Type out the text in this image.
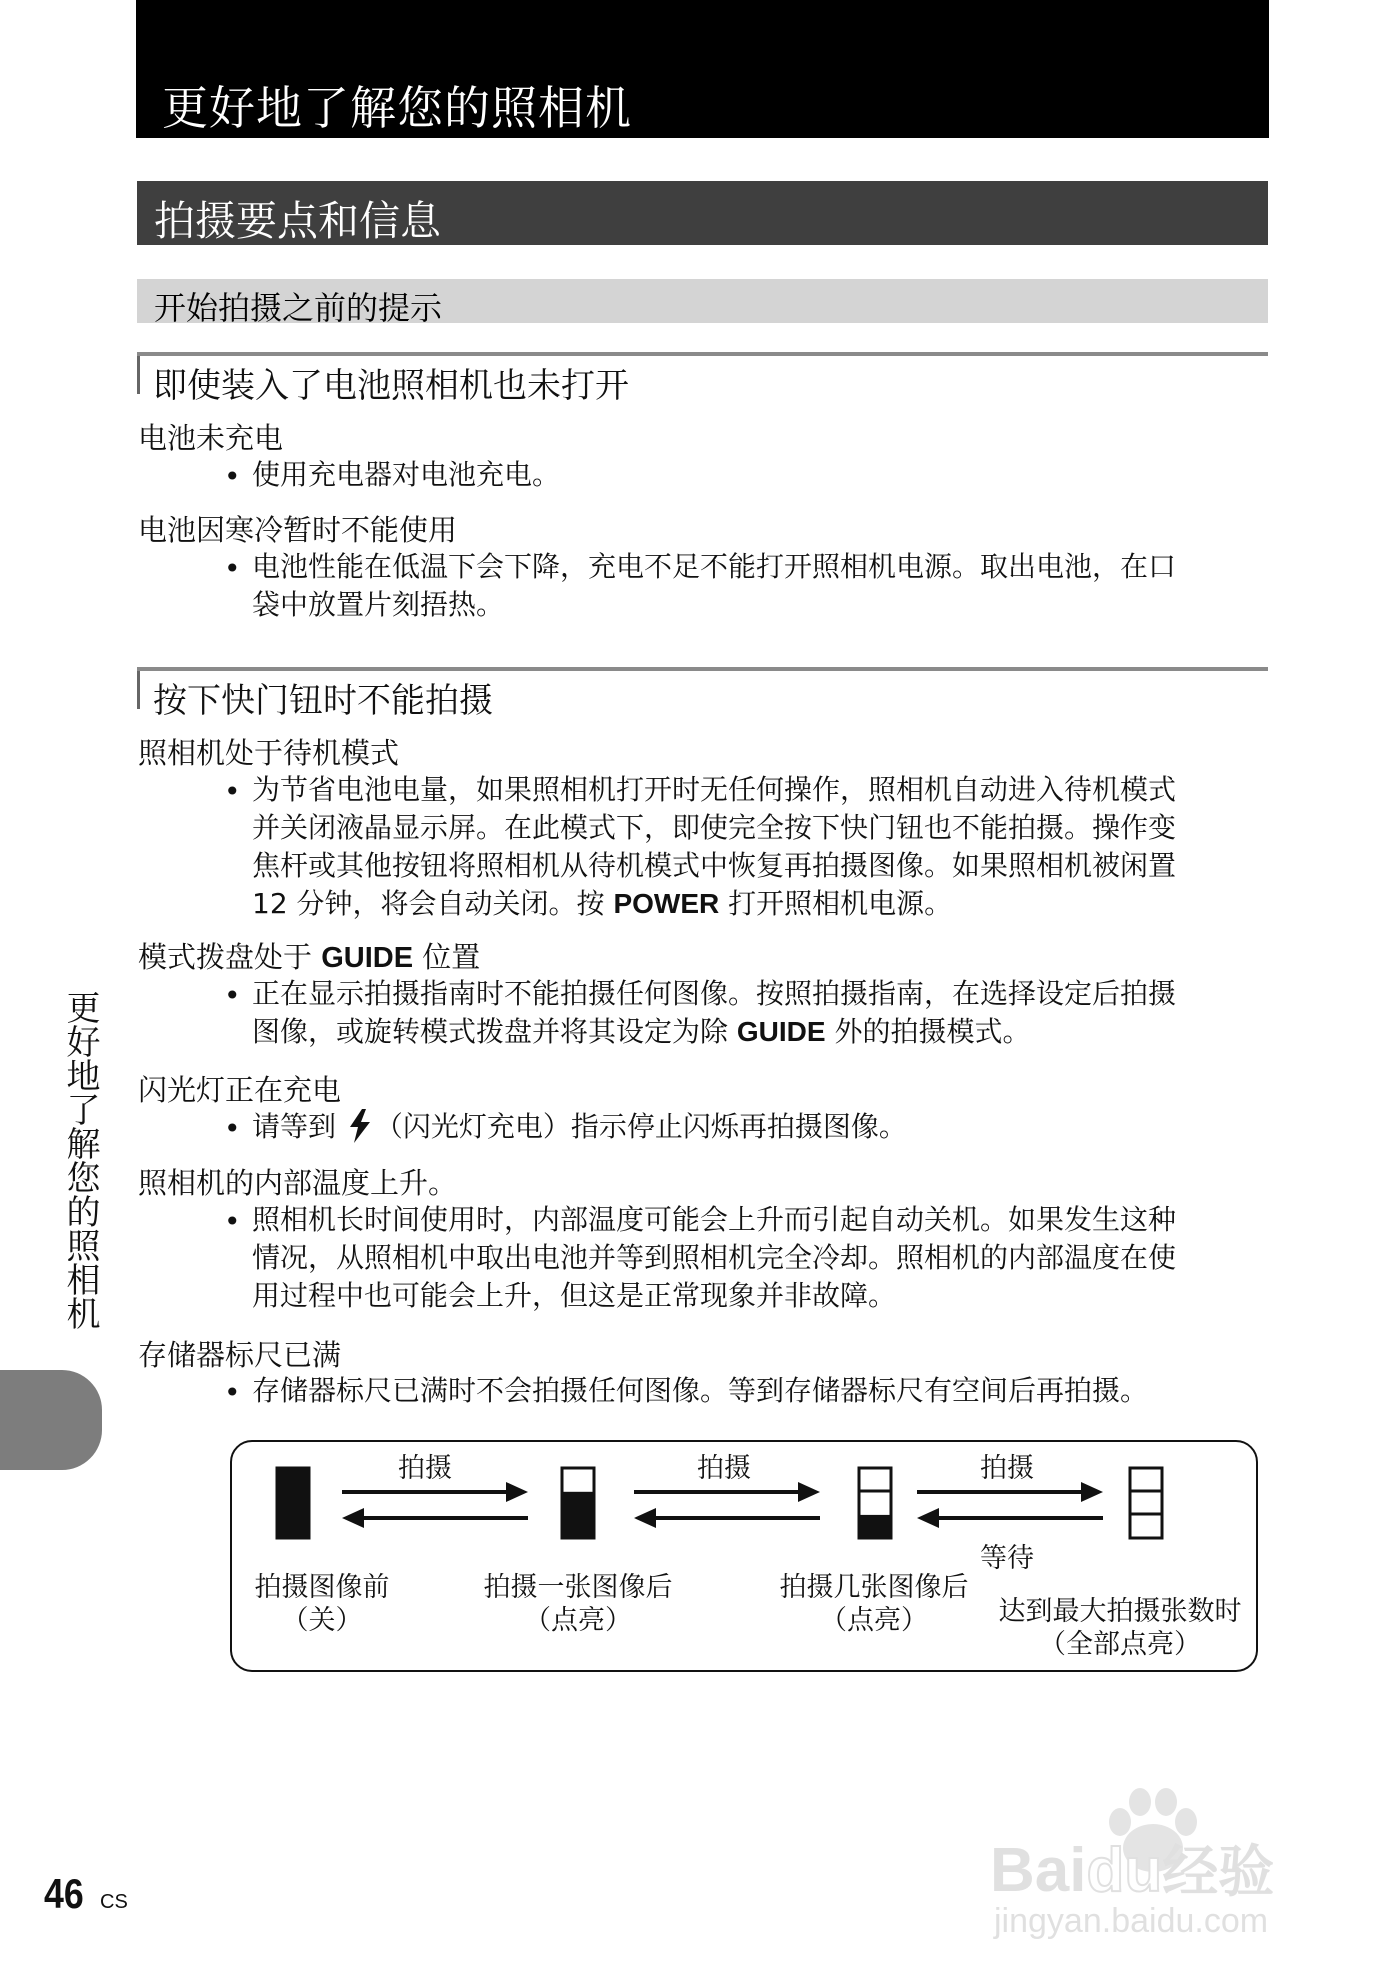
更好地了解您的照相机
拍摄要点和信息
开始拍摄之前的提示
即使装入了电池照相机也未打开
电池未充电
• 使用充电器对电池充电。
电池因寒冷暂时不能使用
• 电池性能在低温下会下降，充电不足不能打开照相机电源。取出电池，在口
袋中放置片刻捂热。
按下快门钮时不能拍摄
照相机处于待机模式
• 为节省电池电量，如果照相机打开时无任何操作，照相机自动进入待机模式
并关闭液晶显示屏。在此模式下，即使完全按下快门钮也不能拍摄。操作变
焦杆或其他按钮将照相机从待机模式中恢复再拍摄图像。如果照相机被闲置
12 分钟，将会自动关闭。按 POWER 打开照相机电源。
模式拨盘处于 GUIDE 位置
• 正在显示拍摄指南时不能拍摄任何图像。按照拍摄指南，在选择设定后拍摄
图像，或旋转模式拨盘并将其设定为除 GUIDE 外的拍摄模式。
闪光灯正在充电
• 请等到 （闪光灯充电）指示停止闪烁再拍摄图像。
照相机的内部温度上升。
• 照相机长时间使用时，内部温度可能会上升而引起自动关机。如果发生这种
情况，从照相机中取出电池并等到照相机完全冷却。照相机的内部温度在使
用过程中也可能会上升，但这是正常现象并非故障。
存储器标尺已满
• 存储器标尺已满时不会拍摄任何图像。等到存储器标尺有空间后再拍摄。
拍摄	拍摄	拍摄
等待
拍摄图像前
（关）
拍摄一张图像后
（点亮）
拍摄几张图像后
（点亮）	达到最大拍摄张数时
（全部点亮）
更好地了解您的照相机
46 CS	Baidu经验
jingyan.baidu.com
